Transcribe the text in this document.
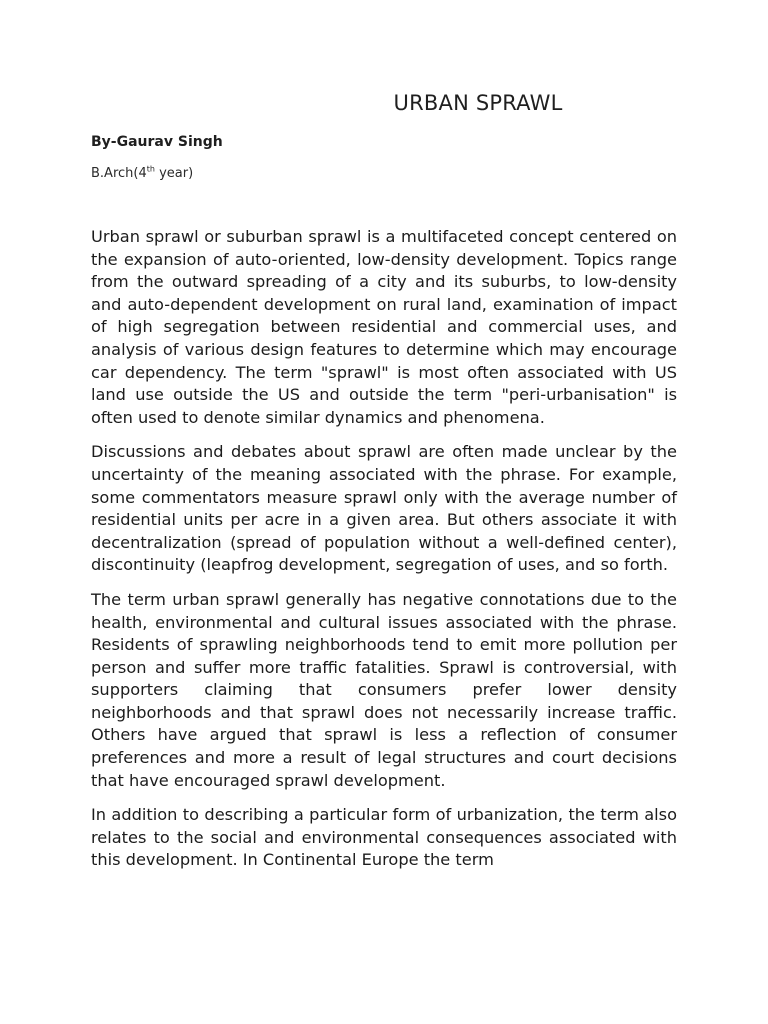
URBAN SPRAWL
By-Gaurav Singh
B.Arch(4th year)

Urban sprawl or suburban sprawl is a multifaceted concept centered on the expansion of auto-oriented, low-density development. Topics range from the outward spreading of a city and its suburbs, to low-density and auto-dependent development on rural land, examination of impact of high segregation between residential and commercial uses, and analysis of various design features to determine which may encourage car dependency. The term "sprawl" is most often associated with US land use outside the US and outside the term "peri-urbanisation" is often used to denote similar dynamics and phenomena.

Discussions and debates about sprawl are often made unclear by the uncertainty of the meaning associated with the phrase. For example, some commentators measure sprawl only with the average number of residential units per acre in a given area. But others associate it with decentralization (spread of population without a well-defined center), discontinuity (leapfrog development, segregation of uses, and so forth.

The term urban sprawl generally has negative connotations due to the health, environmental and cultural issues associated with the phrase. Residents of sprawling neighborhoods tend to emit more pollution per person and suffer more traffic fatalities. Sprawl is controversial, with supporters claiming that consumers prefer lower density neighborhoods and that sprawl does not necessarily increase traffic. Others have argued that sprawl is less a reflection of consumer preferences and more a result of legal structures and court decisions that have encouraged sprawl development.

In addition to describing a particular form of urbanization, the term also relates to the social and environmental consequences associated with this development. In Continental Europe the term
